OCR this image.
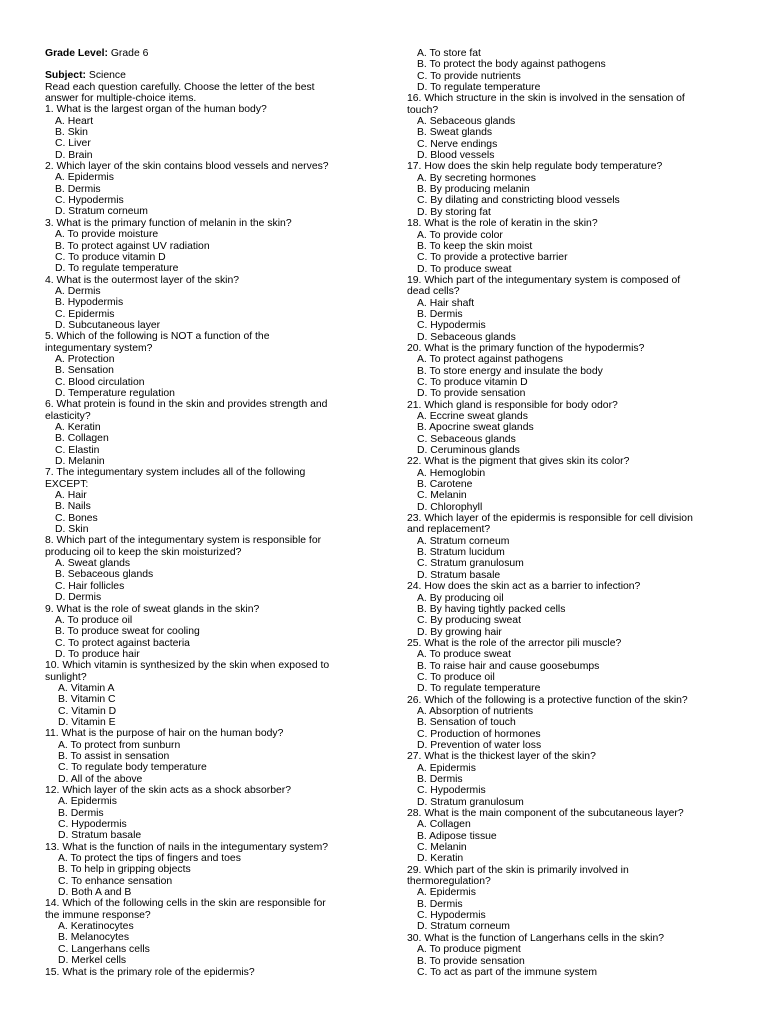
Grade Level: Grade 6
Subject: Science
Read each question carefully. Choose the letter of the best
answer for multiple-choice items.
1. What is the largest organ of the human body?
A. Heart
B. Skin
C. Liver
D. Brain
2. Which layer of the skin contains blood vessels and nerves?
A. Epidermis
B. Dermis
C. Hypodermis
D. Stratum corneum
3. What is the primary function of melanin in the skin?
A. To provide moisture
B. To protect against UV radiation
C. To produce vitamin D
D. To regulate temperature
4. What is the outermost layer of the skin?
A. Dermis
B. Hypodermis
C. Epidermis
D. Subcutaneous layer
5. Which of the following is NOT a function of the
integumentary system?
A. Protection
B. Sensation
C. Blood circulation
D. Temperature regulation
6. What protein is found in the skin and provides strength and
elasticity?
A. Keratin
B. Collagen
C. Elastin
D. Melanin
7. The integumentary system includes all of the following
EXCEPT:
A. Hair
B. Nails
C. Bones
D. Skin
8. Which part of the integumentary system is responsible for
producing oil to keep the skin moisturized?
A. Sweat glands
B. Sebaceous glands
C. Hair follicles
D. Dermis
9. What is the role of sweat glands in the skin?
A. To produce oil
B. To produce sweat for cooling
C. To protect against bacteria
D. To produce hair
10. Which vitamin is synthesized by the skin when exposed to
sunlight?
A. Vitamin A
B. Vitamin C
C. Vitamin D
D. Vitamin E
11. What is the purpose of hair on the human body?
A. To protect from sunburn
B. To assist in sensation
C. To regulate body temperature
D. All of the above
12. Which layer of the skin acts as a shock absorber?
A. Epidermis
B. Dermis
C. Hypodermis
D. Stratum basale
13. What is the function of nails in the integumentary system?
A. To protect the tips of fingers and toes
B. To help in gripping objects
C. To enhance sensation
D. Both A and B
14. Which of the following cells in the skin are responsible for
the immune response?
A. Keratinocytes
B. Melanocytes
C. Langerhans cells
D. Merkel cells
15. What is the primary role of the epidermis?
A. To store fat
B. To protect the body against pathogens
C. To provide nutrients
D. To regulate temperature
16. Which structure in the skin is involved in the sensation of
touch?
A. Sebaceous glands
B. Sweat glands
C. Nerve endings
D. Blood vessels
17. How does the skin help regulate body temperature?
A. By secreting hormones
B. By producing melanin
C. By dilating and constricting blood vessels
D. By storing fat
18. What is the role of keratin in the skin?
A. To provide color
B. To keep the skin moist
C. To provide a protective barrier
D. To produce sweat
19. Which part of the integumentary system is composed of
dead cells?
A. Hair shaft
B. Dermis
C. Hypodermis
D. Sebaceous glands
20. What is the primary function of the hypodermis?
A. To protect against pathogens
B. To store energy and insulate the body
C. To produce vitamin D
D. To provide sensation
21. Which gland is responsible for body odor?
A. Eccrine sweat glands
B. Apocrine sweat glands
C. Sebaceous glands
D. Ceruminous glands
22. What is the pigment that gives skin its color?
A. Hemoglobin
B. Carotene
C. Melanin
D. Chlorophyll
23. Which layer of the epidermis is responsible for cell division
and replacement?
A. Stratum corneum
B. Stratum lucidum
C. Stratum granulosum
D. Stratum basale
24. How does the skin act as a barrier to infection?
A. By producing oil
B. By having tightly packed cells
C. By producing sweat
D. By growing hair
25. What is the role of the arrector pili muscle?
A. To produce sweat
B. To raise hair and cause goosebumps
C. To produce oil
D. To regulate temperature
26. Which of the following is a protective function of the skin?
A. Absorption of nutrients
B. Sensation of touch
C. Production of hormones
D. Prevention of water loss
27. What is the thickest layer of the skin?
A. Epidermis
B. Dermis
C. Hypodermis
D. Stratum granulosum
28. What is the main component of the subcutaneous layer?
A. Collagen
B. Adipose tissue
C. Melanin
D. Keratin
29. Which part of the skin is primarily involved in
thermoregulation?
A. Epidermis
B. Dermis
C. Hypodermis
D. Stratum corneum
30. What is the function of Langerhans cells in the skin?
A. To produce pigment
B. To provide sensation
C. To act as part of the immune system
